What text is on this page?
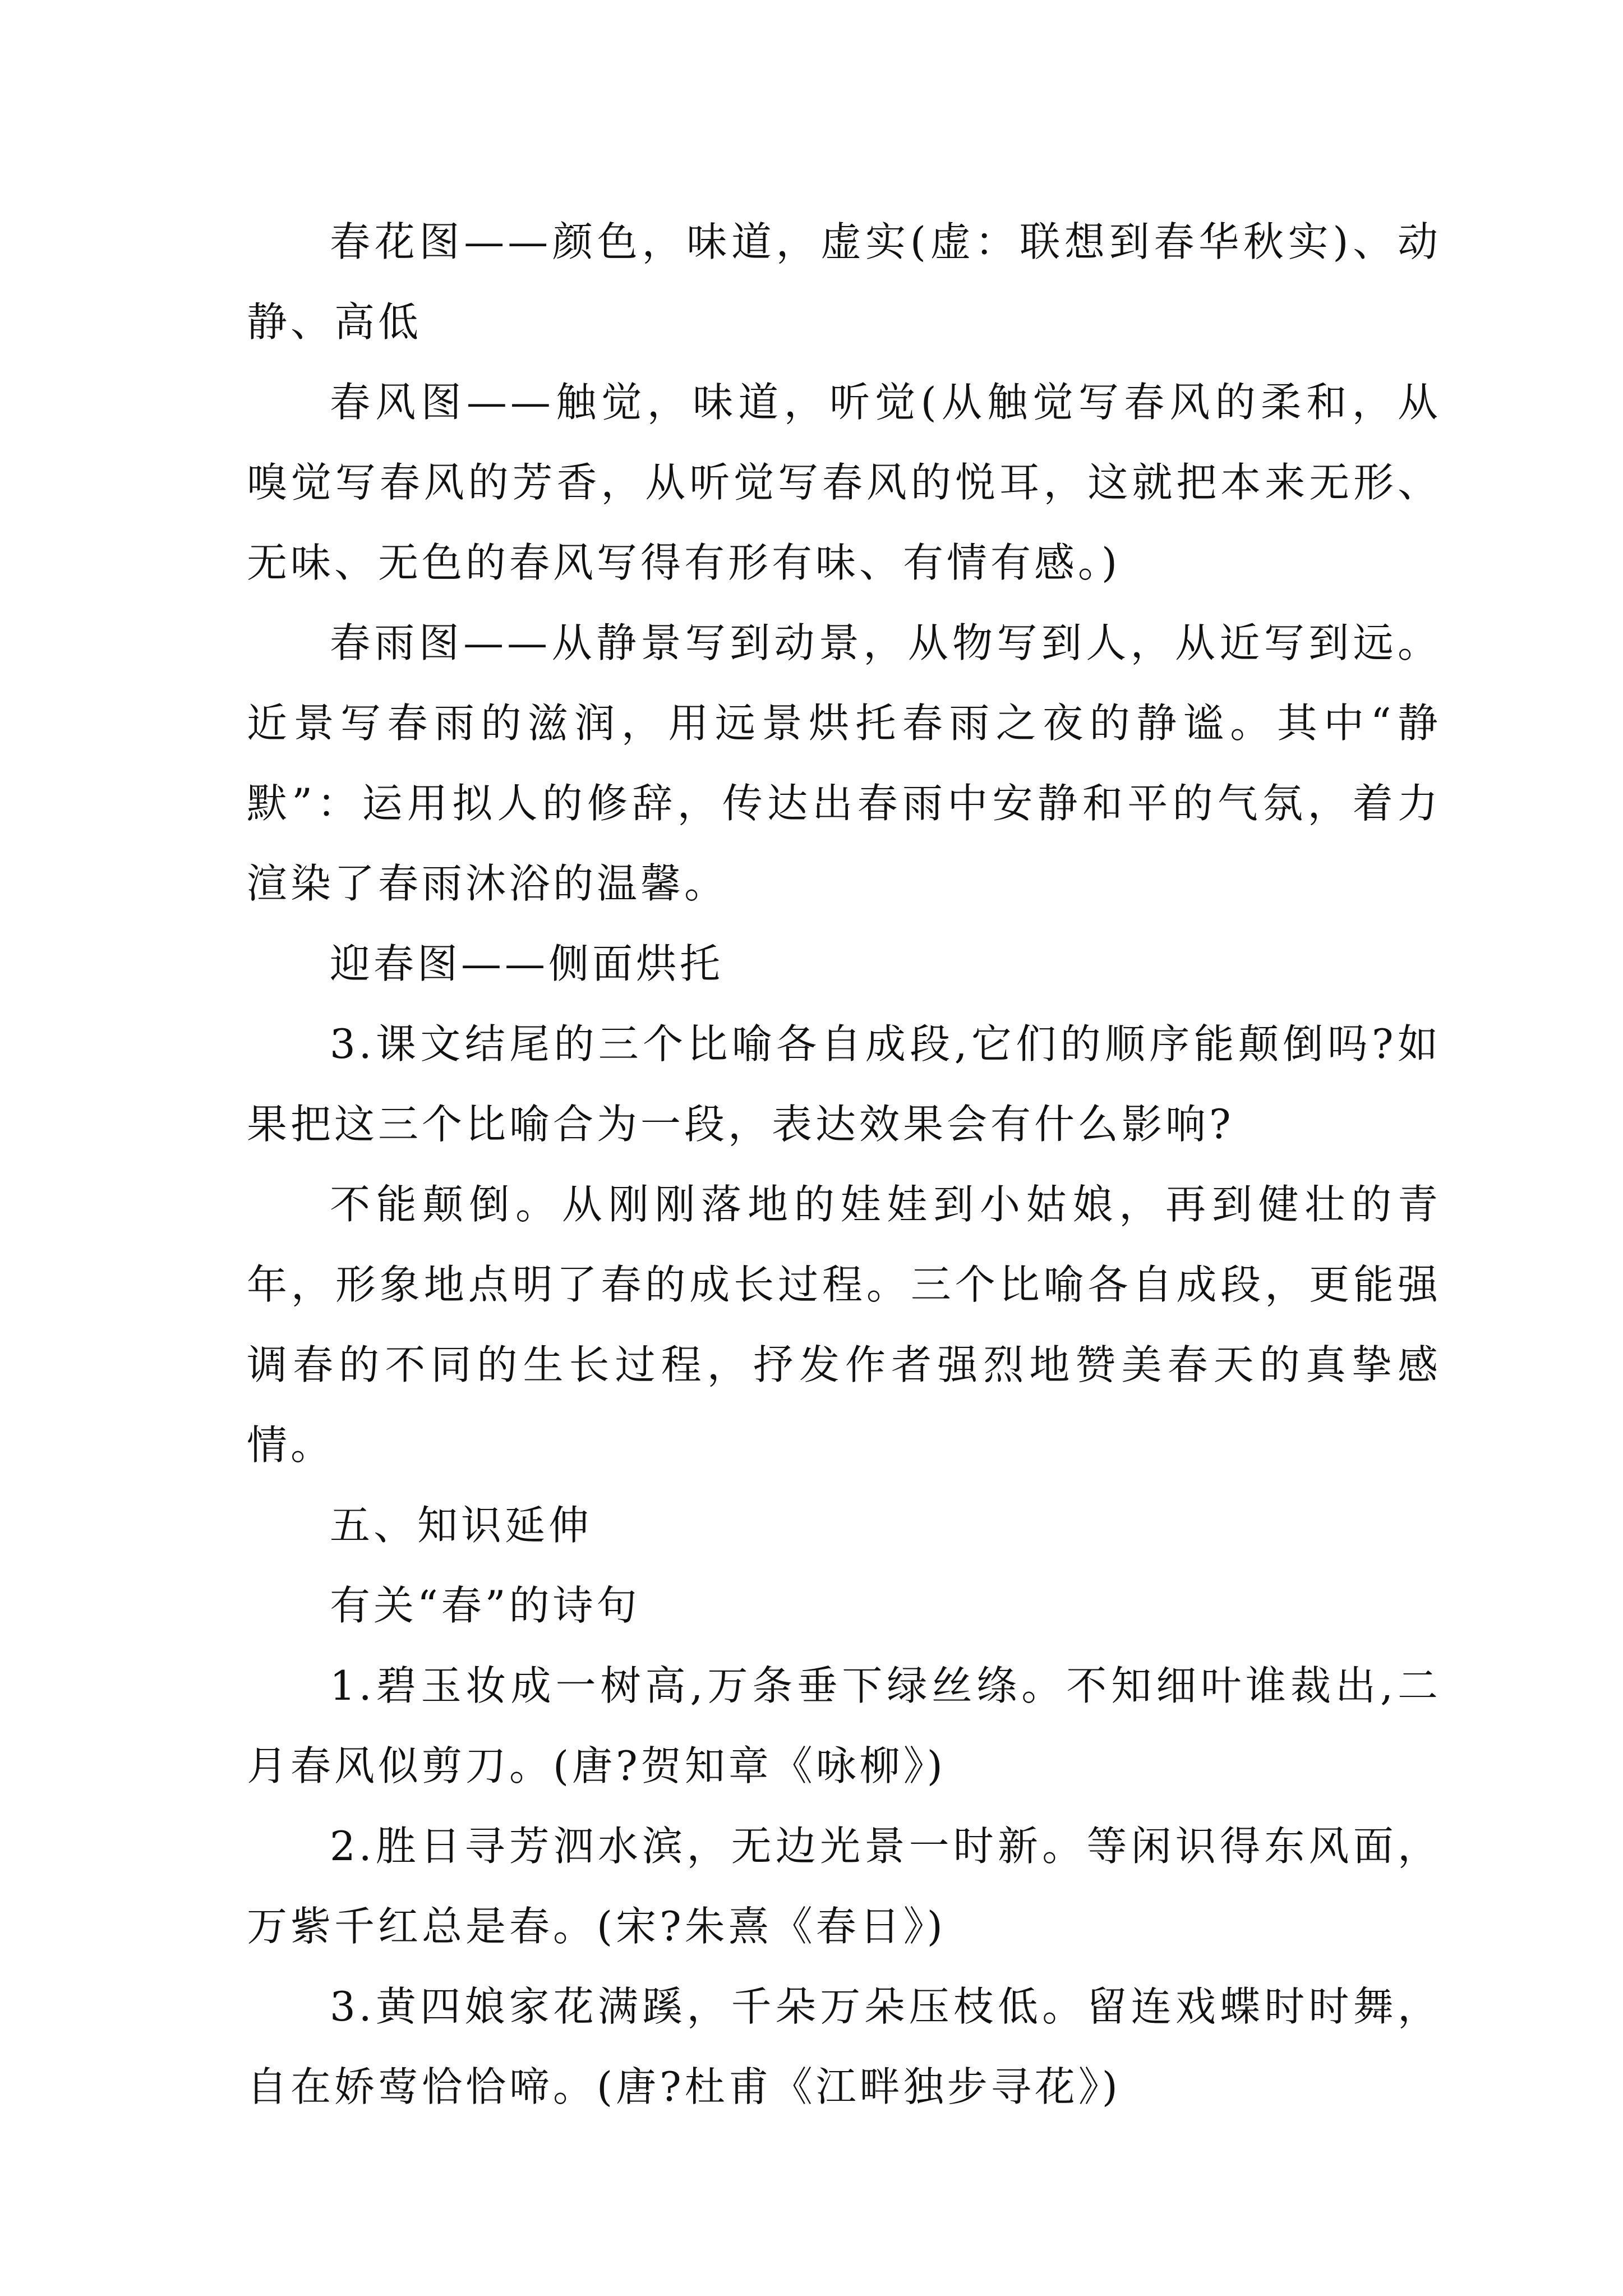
春花图——颜色，味道，虚实(虚：联想到春华秋实)、动静、高低

春风图——触觉，味道，听觉(从触觉写春风的柔和，从嗅觉写春风的芳香，从听觉写春风的悦耳，这就把本来无形、无味、无色的春风写得有形有味、有情有感。)

春雨图——从静景写到动景，从物写到人，从近写到远。近景写春雨的滋润，用远景烘托春雨之夜的静谧。其中“静默”：运用拟人的修辞，传达出春雨中安静和平的气氛，着力渲染了春雨沐浴的温馨。

迎春图——侧面烘托

3.课文结尾的三个比喻各自成段,它们的顺序能颠倒吗?如果把这三个比喻合为一段，表达效果会有什么影响?

不能颠倒。从刚刚落地的娃娃到小姑娘，再到健壮的青年，形象地点明了春的成长过程。三个比喻各自成段，更能强调春的不同的生长过程，抒发作者强烈地赞美春天的真挚感情。

五、知识延伸

有关“春”的诗句

1.碧玉妆成一树高,万条垂下绿丝绦。不知细叶谁裁出,二月春风似剪刀。(唐?贺知章《咏柳》)

2.胜日寻芳泗水滨，无边光景一时新。等闲识得东风面，万紫千红总是春。(宋?朱熹《春日》)

3.黄四娘家花满蹊，千朵万朵压枝低。留连戏蝶时时舞，自在娇莺恰恰啼。(唐?杜甫《江畔独步寻花》)
